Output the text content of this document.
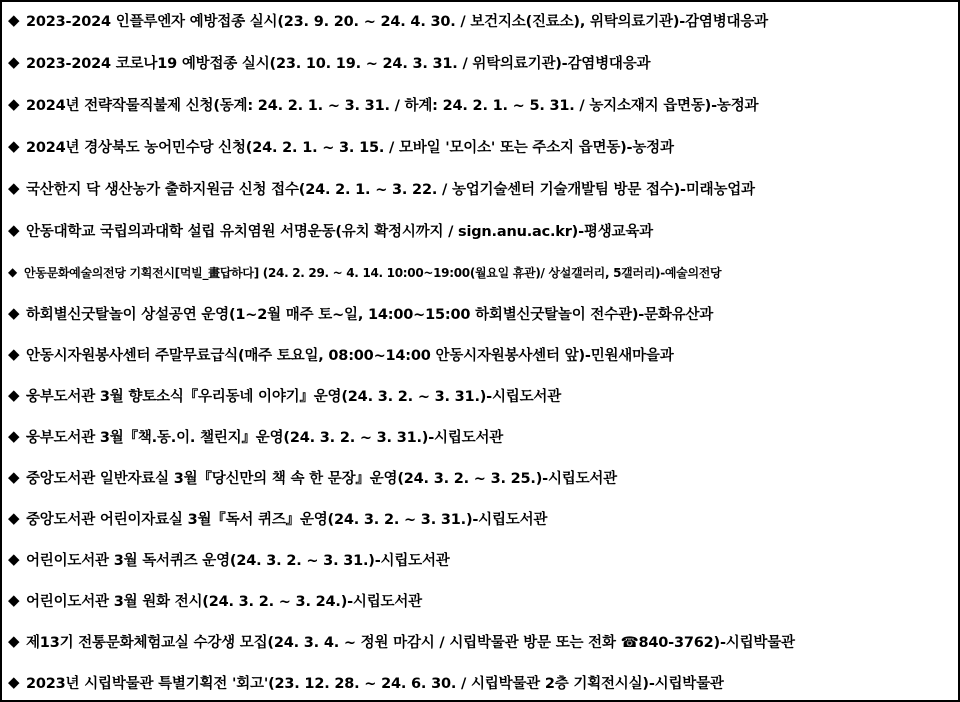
◆ 2023-2024 인플루엔자 예방접종 실시(23. 9. 20. ~ 24. 4. 30. / 보건지소(진료소), 위탁의료기관)-감염병대응과
◆ 2023-2024 코로나19 예방접종 실시(23. 10. 19. ~ 24. 3. 31. / 위탁의료기관)-감염병대응과
◆ 2024년 전략작물직불제 신청(동계: 24. 2. 1. ~ 3. 31. / 하계: 24. 2. 1. ~ 5. 31. / 농지소재지 읍면동)-농정과
◆ 2024년 경상북도 농어민수당 신청(24. 2. 1. ~ 3. 15. / 모바일 '모이소' 또는 주소지 읍면동)-농정과
◆ 국산한지 닥 생산농가 출하지원금 신청 접수(24. 2. 1. ~ 3. 22. / 농업기술센터 기술개발팀 방문 접수)-미래농업과
◆ 안동대학교 국립의과대학 설립 유치염원 서명운동(유치 확정시까지 / sign.anu.ac.kr)-평생교육과
◆ 안동문화예술의전당 기획전시[먹빌_畫답하다] (24. 2. 29. ~ 4. 14. 10:00~19:00(월요일 휴관)/ 상설갤러리, 5갤러리)-예술의전당
◆ 하회별신굿탈놀이 상설공연 운영(1~2월 매주 토~일, 14:00~15:00 하회별신굿탈놀이 전수관)-문화유산과
◆ 안동시자원봉사센터 주말무료급식(매주 토요일, 08:00~14:00 안동시자원봉사센터 앞)-민원새마을과
◆ 웅부도서관 3월 향토소식『우리동네 이야기』운영(24. 3. 2. ~ 3. 31.)-시립도서관
◆ 웅부도서관 3월『책.동.이. 챌린지』운영(24. 3. 2. ~ 3. 31.)-시립도서관
◆ 중앙도서관 일반자료실 3월『당신만의 책 속 한 문장』운영(24. 3. 2. ~ 3. 25.)-시립도서관
◆ 중앙도서관 어린이자료실 3월『독서 퀴즈』운영(24. 3. 2. ~ 3. 31.)-시립도서관
◆ 어린이도서관 3월 독서퀴즈 운영(24. 3. 2. ~ 3. 31.)-시립도서관
◆ 어린이도서관 3월 원화 전시(24. 3. 2. ~ 3. 24.)-시립도서관
◆ 제13기 전통문화체험교실 수강생 모집(24. 3. 4. ~ 정원 마감시 / 시립박물관 방문 또는 전화 ☎840-3762)-시립박물관
◆ 2023년 시립박물관 특별기획전 '회고'(23. 12. 28. ~ 24. 6. 30. / 시립박물관 2층 기획전시실)-시립박물관
